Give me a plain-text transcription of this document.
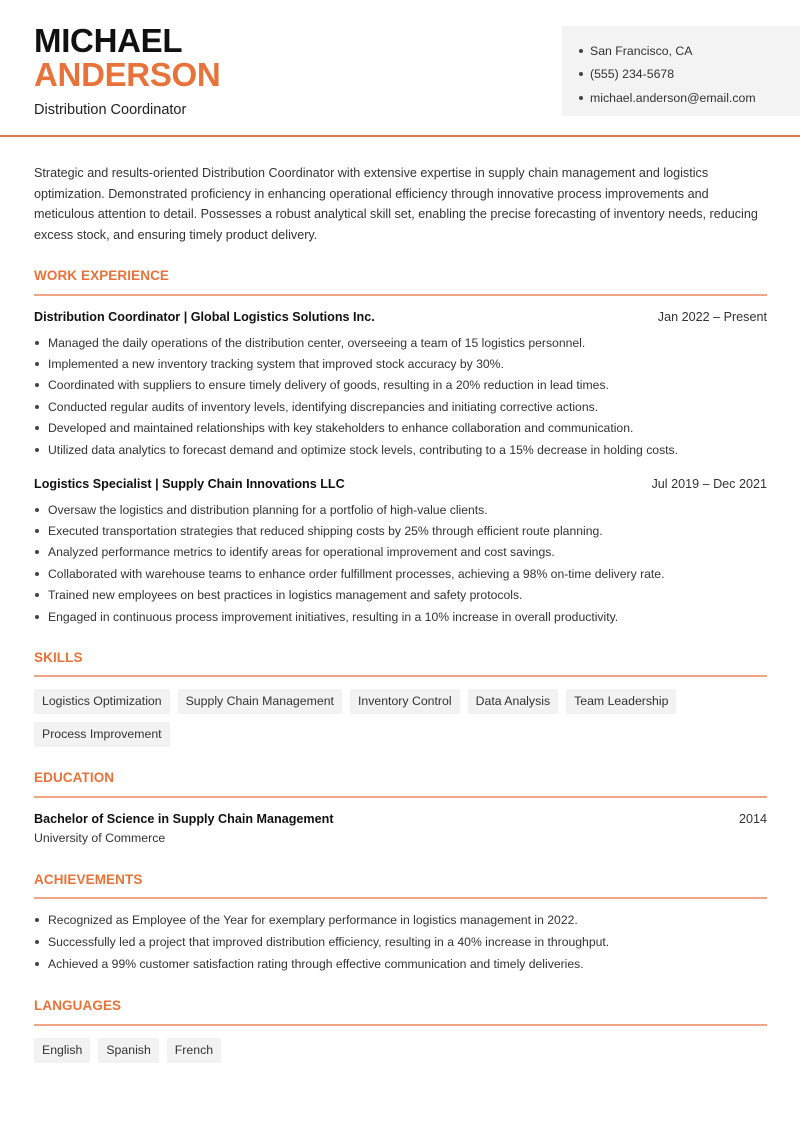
MICHAEL
ANDERSON
Distribution Coordinator
San Francisco, CA
(555) 234-5678
michael.anderson@email.com

Strategic and results-oriented Distribution Coordinator with extensive expertise in supply chain management and logistics optimization. Demonstrated proficiency in enhancing operational efficiency through innovative process improvements and meticulous attention to detail. Possesses a robust analytical skill set, enabling the precise forecasting of inventory needs, reducing excess stock, and ensuring timely product delivery.

WORK EXPERIENCE
Distribution Coordinator | Global Logistics Solutions Inc.	Jan 2022 – Present
Managed the daily operations of the distribution center, overseeing a team of 15 logistics personnel.
Implemented a new inventory tracking system that improved stock accuracy by 30%.
Coordinated with suppliers to ensure timely delivery of goods, resulting in a 20% reduction in lead times.
Conducted regular audits of inventory levels, identifying discrepancies and initiating corrective actions.
Developed and maintained relationships with key stakeholders to enhance collaboration and communication.
Utilized data analytics to forecast demand and optimize stock levels, contributing to a 15% decrease in holding costs.
Logistics Specialist | Supply Chain Innovations LLC	Jul 2019 – Dec 2021
Oversaw the logistics and distribution planning for a portfolio of high-value clients.
Executed transportation strategies that reduced shipping costs by 25% through efficient route planning.
Analyzed performance metrics to identify areas for operational improvement and cost savings.
Collaborated with warehouse teams to enhance order fulfillment processes, achieving a 98% on-time delivery rate.
Trained new employees on best practices in logistics management and safety protocols.
Engaged in continuous process improvement initiatives, resulting in a 10% increase in overall productivity.
SKILLS
Logistics Optimization	Supply Chain Management	Inventory Control	Data Analysis	Team Leadership
Process Improvement
EDUCATION
Bachelor of Science in Supply Chain Management	2014
University of Commerce
ACHIEVEMENTS
Recognized as Employee of the Year for exemplary performance in logistics management in 2022.
Successfully led a project that improved distribution efficiency, resulting in a 40% increase in throughput.
Achieved a 99% customer satisfaction rating through effective communication and timely deliveries.
LANGUAGES
English	Spanish	French
